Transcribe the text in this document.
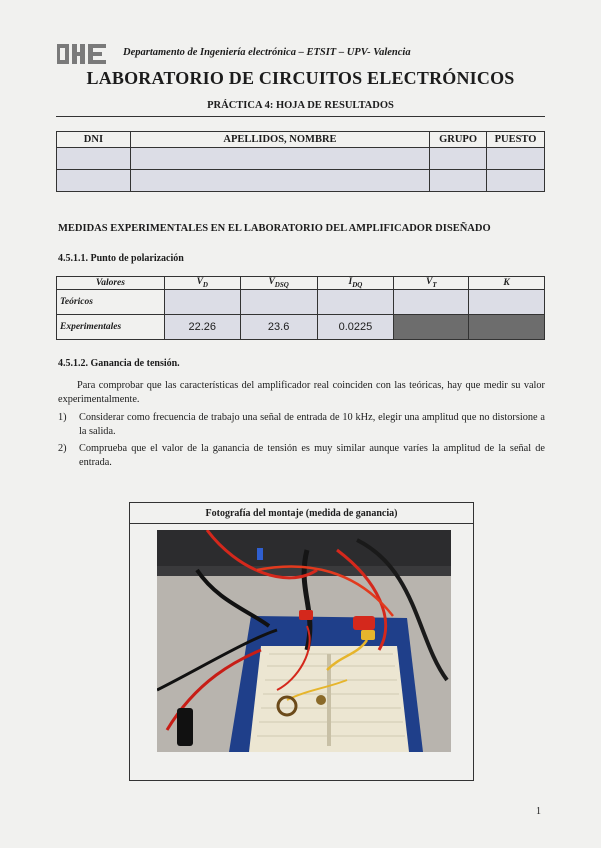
Departamento de Ingeniería electrónica – ETSIT – UPV- Valencia
LABORATORIO DE CIRCUITOS ELECTRÓNICOS
PRÁCTICA 4: HOJA DE RESULTADOS
DNI	APELLIDOS, NOMBRE	GRUPO	PUESTO

MEDIDAS EXPERIMENTALES EN EL LABORATORIO DEL AMPLIFICADOR DISEÑADO
4.5.1.1. Punto de polarización
Valores	$V_D$	$V_{DSQ}$	$I_{DQ}$	$V_T$	K
Teóricos					
Experimentales	22.26	23.6	0.0225		
4.5.1.2. Ganancia de tensión.
Para comprobar que las características del amplificador real coinciden con las teóricas, hay que medir su valor experimentalmente.
1) Considerar como frecuencia de trabajo una señal de entrada de 10 kHz, elegir una amplitud que no distorsione a la salida.
2) Comprueba que el valor de la ganancia de tensión es muy similar aunque varíes la amplitud de la señal de entrada.
Fotografía del montaje (medida de ganancia)
1
